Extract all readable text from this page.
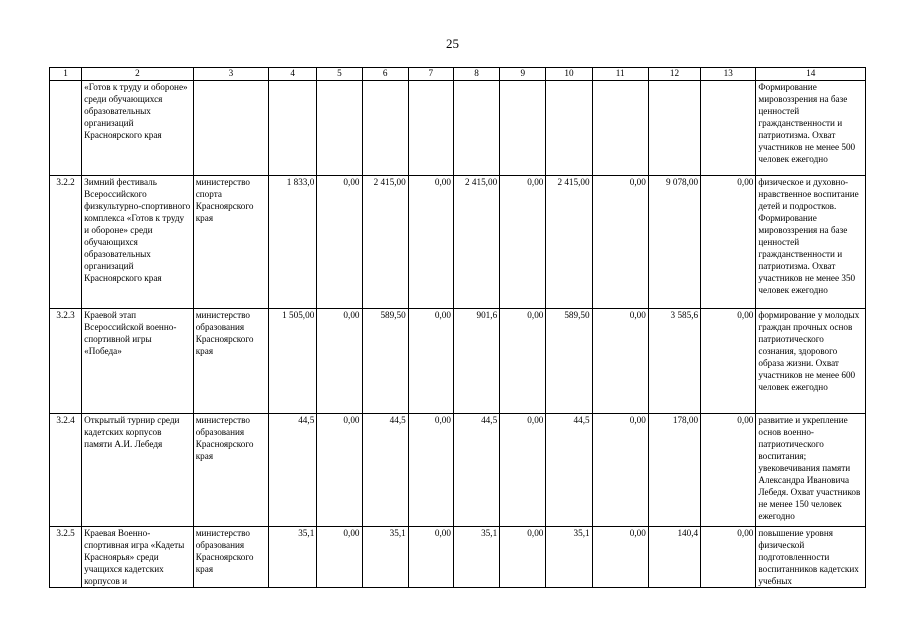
25
1	2	3	4	5	6	7	8	9	10	11	12	13	14
	«Готов к труду и обороне» среди обучающихся образовательных организаций Красноярского края												Формирование мировоззрения на базе ценностей гражданственности и патриотизма. Охват участников не менее 500 человек ежегодно
3.2.2	Зимний фестиваль Всероссийского физкультурно-спортивного комплекса «Готов к труду и обороне» среди обучающихся образовательных организаций Красноярского края	министерство спорта Красноярского края	1 833,0	0,00	2 415,00	0,00	2 415,00	0,00	2 415,00	0,00	9 078,00	0,00	физическое и духовно-нравственное воспитание детей и подростков. Формирование мировоззрения на базе ценностей гражданственности и патриотизма. Охват участников не менее 350 человек ежегодно
3.2.3	Краевой этап Всероссийской военно-спортивной игры «Победа»	министерство образования Красноярского края	1 505,00	0,00	589,50	0,00	901,6	0,00	589,50	0,00	3 585,6	0,00	формирование у молодых граждан прочных основ патриотического сознания, здорового образа жизни. Охват участников не менее 600 человек ежегодно
3.2.4	Открытый турнир среди кадетских корпусов памяти А.И. Лебедя	министерство образования Красноярского края	44,5	0,00	44,5	0,00	44,5	0,00	44,5	0,00	178,00	0,00	развитие и укрепление основ военно-патриотического воспитания; увековечивания памяти Александра Ивановича Лебедя. Охват участников не менее 150 человек ежегодно
3.2.5	Краевая Военно-спортивная игра «Кадеты Красноярья» среди учащихся кадетских корпусов и	министерство образования Красноярского края	35,1	0,00	35,1	0,00	35,1	0,00	35,1	0,00	140,4	0,00	повышение уровня физической подготовленности воспитанников кадетских учебных
